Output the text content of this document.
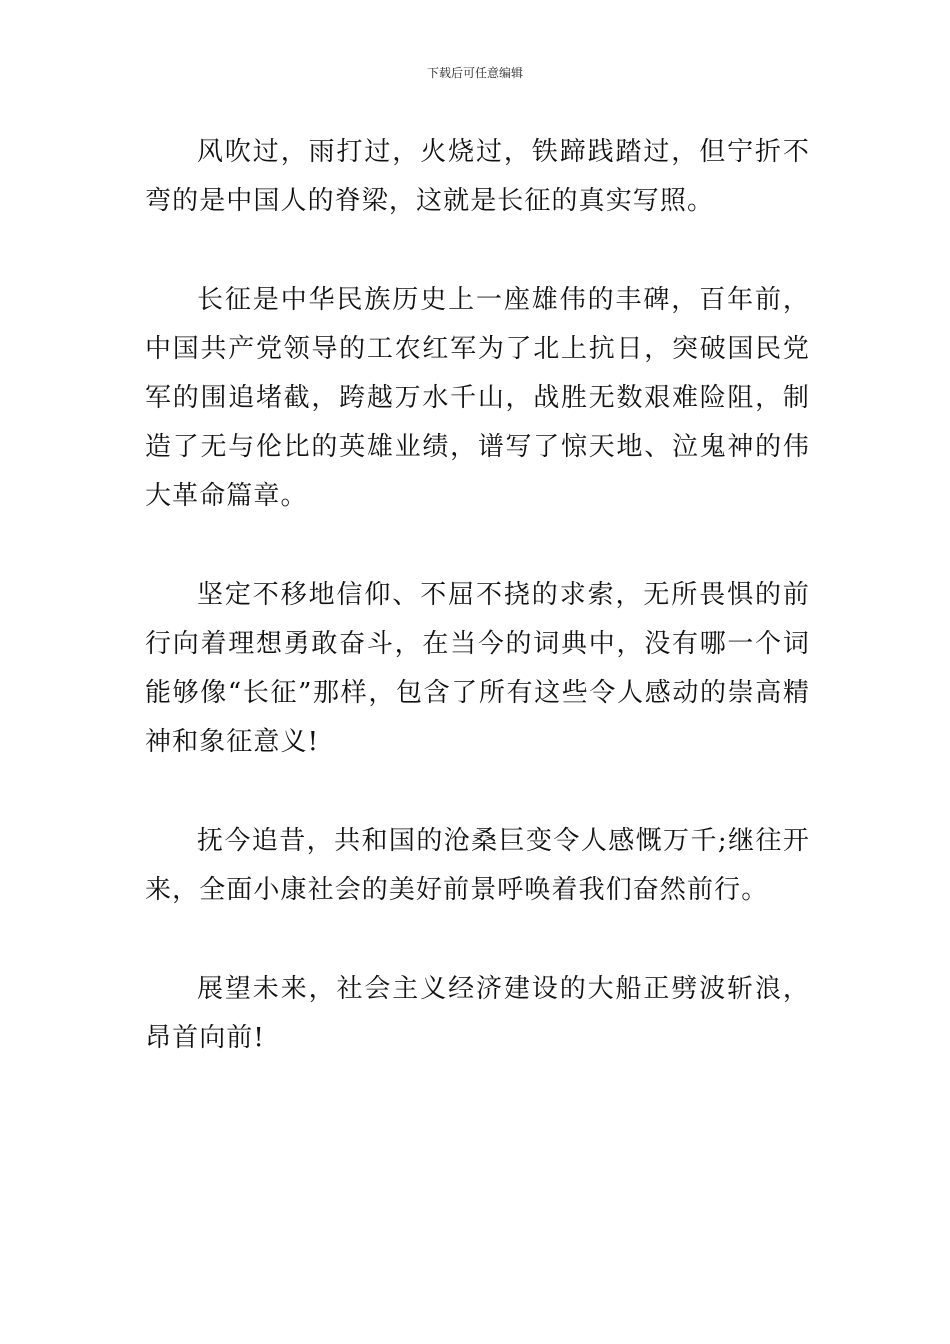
下载后可任意编辑

风吹过，雨打过，火烧过，铁蹄践踏过，但宁折不弯的是中国人的脊梁，这就是长征的真实写照。

长征是中华民族历史上一座雄伟的丰碑，百年前，中国共产党领导的工农红军为了北上抗日，突破国民党军的围追堵截，跨越万水千山，战胜无数艰难险阻，制造了无与伦比的英雄业绩，谱写了惊天地、泣鬼神的伟大革命篇章。

坚定不移地信仰、不屈不挠的求索，无所畏惧的前行向着理想勇敢奋斗，在当今的词典中，没有哪一个词能够像“长征”那样，包含了所有这些令人感动的崇高精神和象征意义!

抚今追昔，共和国的沧桑巨变令人感慨万千;继往开来，全面小康社会的美好前景呼唤着我们奋然前行。

展望未来，社会主义经济建设的大船正劈波斩浪，昂首向前!
